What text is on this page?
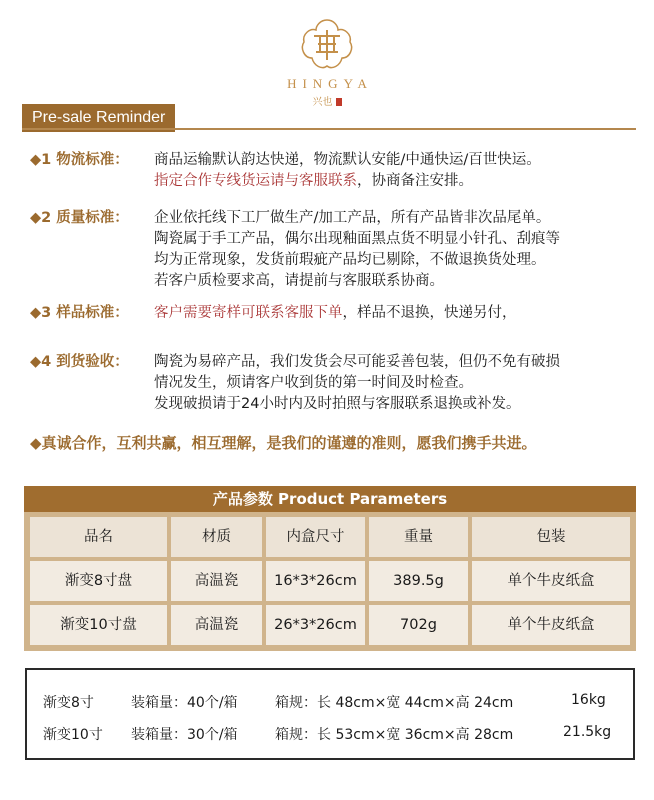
HINGYA
兴也
Pre-sale Reminder
◆1 物流标准： 商品运输默认韵达快递，物流默认安能/中通快运/百世快运。
指定合作专线货运请与客服联系，协商备注安排。
◆2 质量标准： 企业依托线下工厂做生产/加工产品，所有产品皆非次品尾单。
陶瓷属于手工产品，偶尔出现釉面黑点货不明显小针孔、刮痕等
均为正常现象，发货前瑕疵产品均已剔除，不做退换货处理。
若客户质检要求高，请提前与客服联系协商。
◆3 样品标准： 客户需要寄样可联系客服下单，样品不退换，快递另付，
◆4 到货验收： 陶瓷为易碎产品，我们发货会尽可能妥善包装，但仍不免有破损
情况发生，烦请客户收到货的第一时间及时检查。
发现破损请于24小时内及时拍照与客服联系退换或补发。
◆真诚合作，互利共赢，相互理解，是我们的谨遵的准则，愿我们携手共进。
产品参数 Product Parameters
品名	材质	内盒尺寸	重量	包装
渐变8寸盘	高温瓷	16*3*26cm	389.5g	单个牛皮纸盒
渐变10寸盘	高温瓷	26*3*26cm	702g	单个牛皮纸盒
渐变8寸	装箱量：40个/箱	箱规：长 48cm×宽 44cm×高 24cm	16kg
渐变10寸 装箱量：30个/箱	箱规：长 53cm×宽 36cm×高 28cm	21.5kg
